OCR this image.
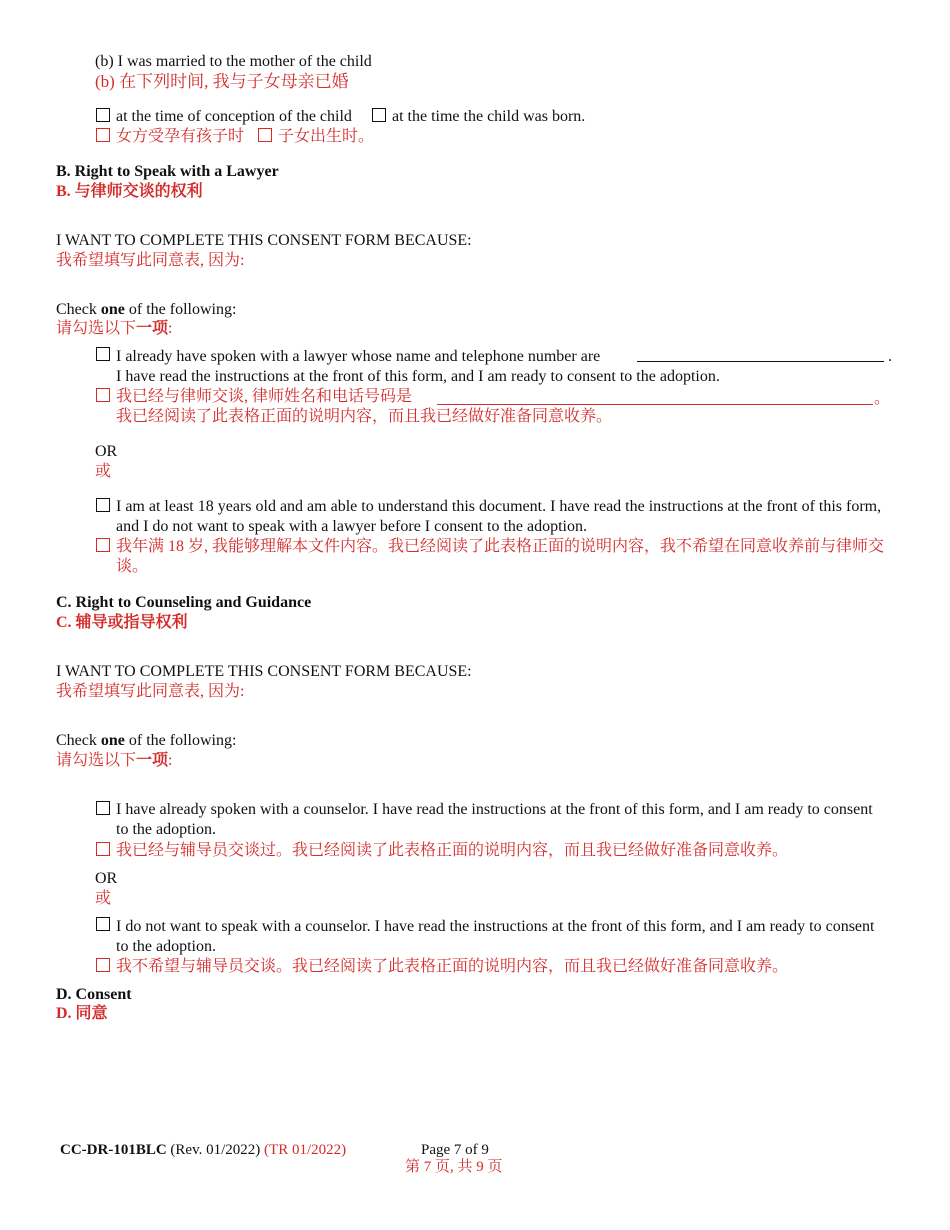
(b) I was married to the mother of the child
(b) 在下列时间, 我与子女母亲已婚
at the time of conception of the child	at the time the child was born.
女方受孕有孩子时 子女出生时。
B. Right to Speak with a Lawyer
B. 与律师交谈的权利
I WANT TO COMPLETE THIS CONSENT FORM BECAUSE:
我希望填写此同意表, 因为:
Check one of the following:
请勾选以下一项:
I already have spoken with a lawyer whose name and telephone number are	.
I have read the instructions at the front of this form, and I am ready to consent to the adoption.
我已经与律师交谈, 律师姓名和电话号码是	。
我已经阅读了此表格正面的说明内容，而且我已经做好准备同意收养。
OR
或
I am at least 18 years old and am able to understand this document. I have read the instructions at the front of this form, and I do not want to speak with a lawyer before I consent to the adoption.
我年满 18 岁, 我能够理解本文件内容。我已经阅读了此表格正面的说明内容，我不希望在同意收养前与律师交谈。
C. Right to Counseling and Guidance
C. 辅导或指导权利
I WANT TO COMPLETE THIS CONSENT FORM BECAUSE:
我希望填写此同意表, 因为:
Check one of the following:
请勾选以下一项:
I have already spoken with a counselor. I have read the instructions at the front of this form, and I am ready to consent to the adoption.
我已经与辅导员交谈过。我已经阅读了此表格正面的说明内容，而且我已经做好准备同意收养。
OR
或
I do not want to speak with a counselor. I have read the instructions at the front of this form, and I am ready to consent to the adoption.
我不希望与辅导员交谈。我已经阅读了此表格正面的说明内容，而且我已经做好准备同意收养。
D. Consent
D. 同意
CC-DR-101BLC (Rev. 01/2022) (TR 01/2022)	Page 7 of 9
第 7 页, 共 9 页
